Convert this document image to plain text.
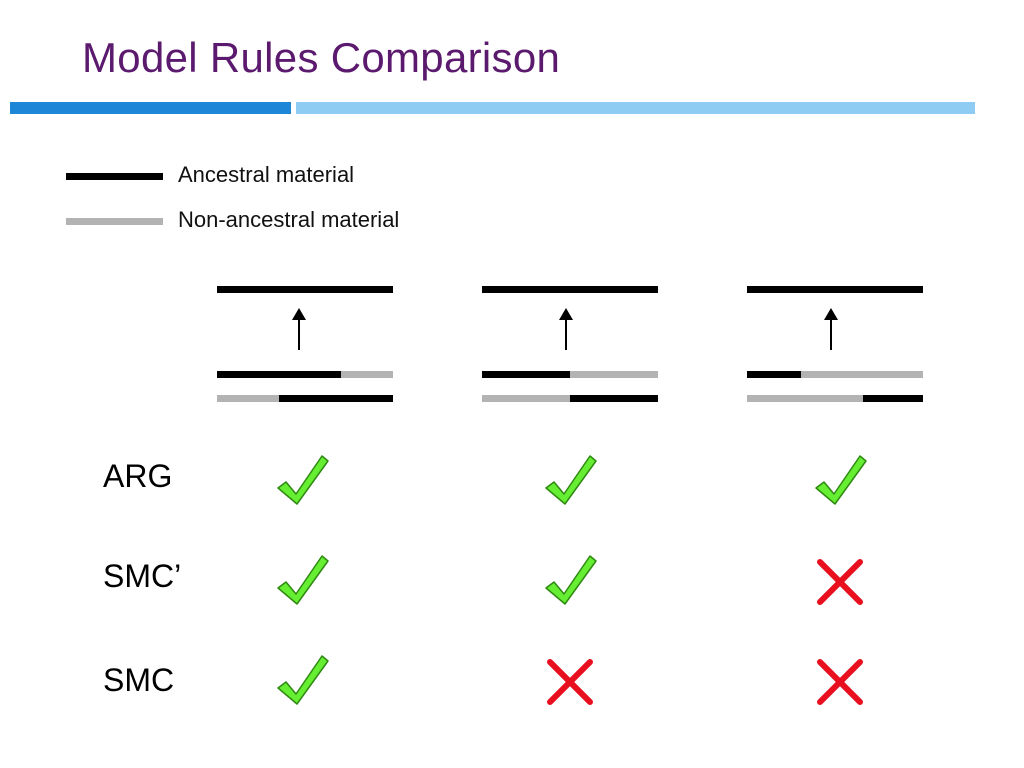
Model Rules Comparison
Ancestral material
Non-ancestral material
ARG
SMC’
SMC
